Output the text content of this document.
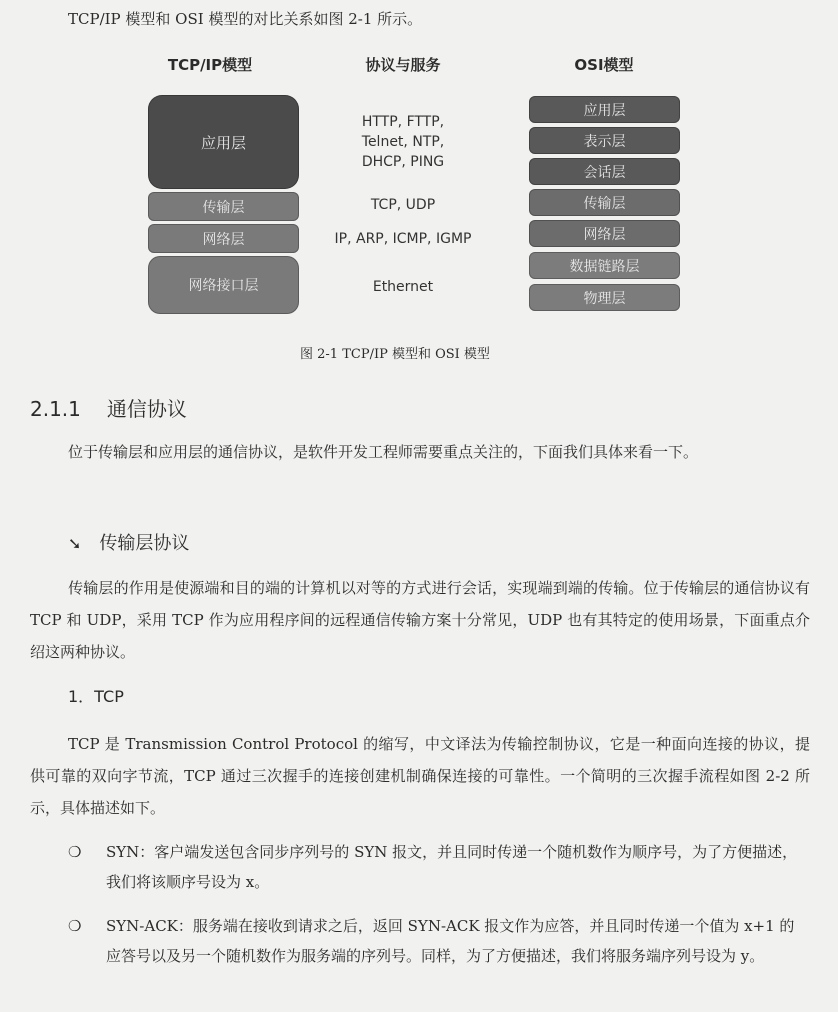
TCP/IP 模型和 OSI 模型的对比关系如图 2-1 所示。
TCP/IP模型	协议与服务	OSI模型
应用层
传输层
网络层
网络接口层
HTTP, FTTP,
Telnet, NTP,
DHCP, PING
TCP, UDP
IP, ARP, ICMP, IGMP
Ethernet
应用层
表示层
会话层
传输层
网络层
数据链路层
物理层
图 2-1 TCP/IP 模型和 OSI 模型
2.1.1 通信协议
位于传输层和应用层的通信协议，是软件开发工程师需要重点关注的，下面我们具体来看一下。
➘ 传输层协议
传输层的作用是使源端和目的端的计算机以对等的方式进行会话，实现端到端的传输。位于传输层的通信协议有 TCP 和 UDP，采用 TCP 作为应用程序间的远程通信传输方案十分常见，UDP 也有其特定的使用场景，下面重点介绍这两种协议。
1．TCP
TCP 是 Transmission Control Protocol 的缩写，中文译法为传输控制协议，它是一种面向连接的协议，提供可靠的双向字节流，TCP 通过三次握手的连接创建机制确保连接的可靠性。一个简明的三次握手流程如图 2-2 所示，具体描述如下。
❍ SYN：客户端发送包含同步序列号的 SYN 报文，并且同时传递一个随机数作为顺序号，为了方便描述，我们将该顺序号设为 x。
❍ SYN-ACK：服务端在接收到请求之后，返回 SYN-ACK 报文作为应答，并且同时传递一个值为 x+1 的应答号以及另一个随机数作为服务端的序列号。同样，为了方便描述，我们将服务端序列号设为 y。
